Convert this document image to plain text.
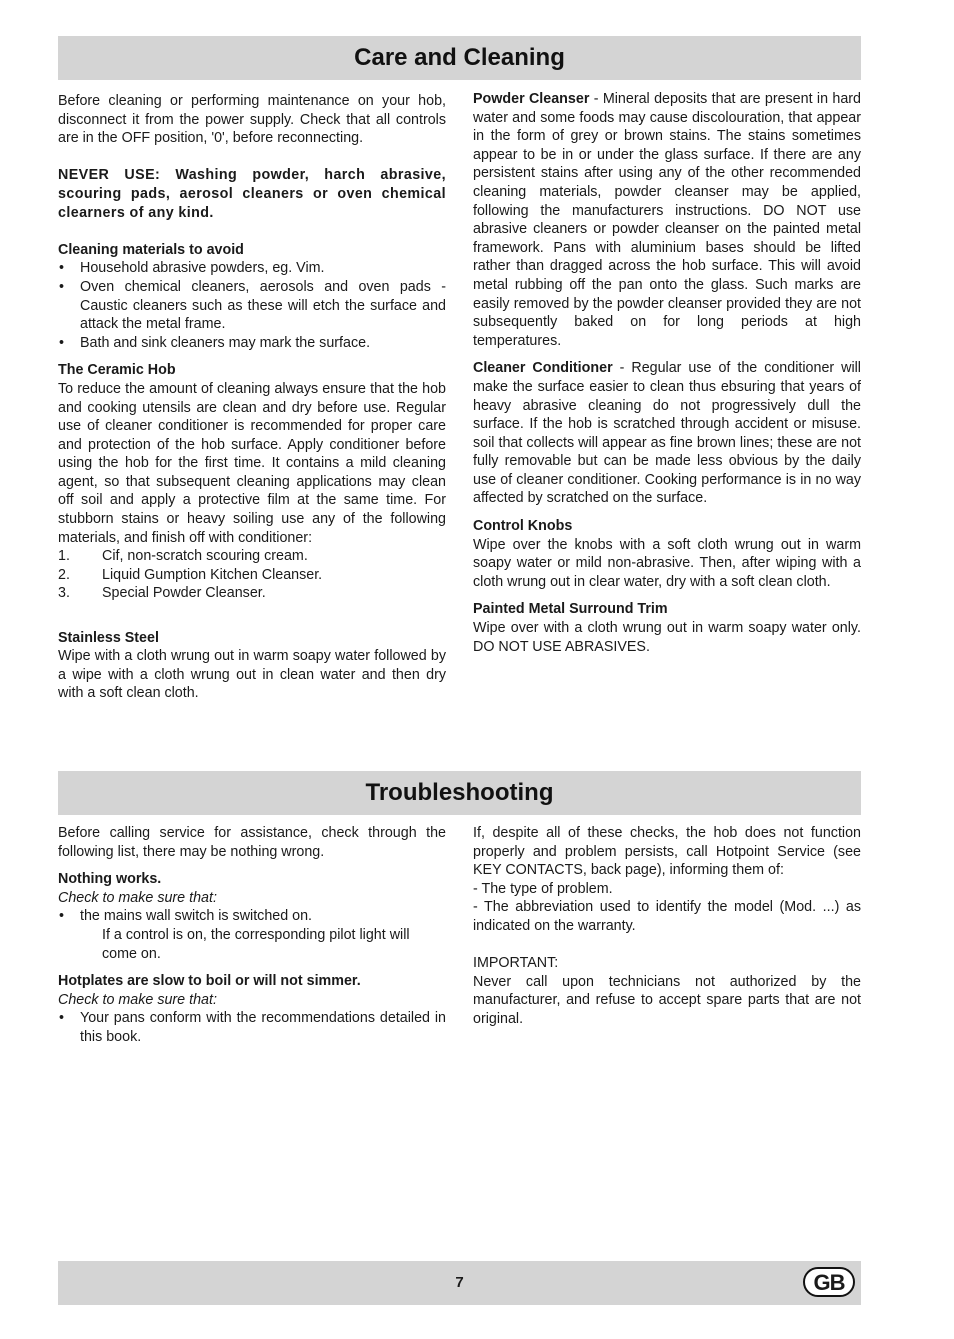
Care and Cleaning

Before cleaning or performing maintenance on your hob, disconnect it from the power supply. Check that all controls are in the OFF position, '0', before reconnecting.

NEVER USE: Washing powder, harch abrasive, scouring pads, aerosol cleaners or oven chemical clearners of any kind.

Cleaning materials to avoid

• Household abrasive powders, eg. Vim.
• Oven chemical cleaners, aerosols and oven pads - Caustic cleaners such as these will etch the surface and attack the metal frame.
• Bath and sink cleaners may mark the surface.

The Ceramic Hob

To reduce the amount of cleaning always ensure that the hob and cooking utensils are clean and dry before use. Regular use of cleaner conditioner is recommended for proper care and protection of the hob surface. Apply conditioner before using the hob for the first time. It contains a mild cleaning agent, so that subsequent cleaning applications may clean off soil and apply a protective film at the same time. For stubborn stains or heavy soiling use any of the following materials, and finish off with conditioner:

1. Cif, non-scratch scouring cream.
2. Liquid Gumption Kitchen Cleanser.
3. Special Powder Cleanser.

Stainless Steel

Wipe with a cloth wrung out in warm soapy water followed by a wipe with a cloth wrung out in clean water and then dry with a soft clean cloth.

Powder Cleanser - Mineral deposits that are present in hard water and some foods may cause discolouration, that appear in the form of grey or brown stains. The stains sometimes appear to be in or under the glass surface. If there are any persistent stains after using any of the other recommended cleaning materials, powder cleanser may be applied, following the manufacturers instructions. DO NOT use abrasive cleaners or powder cleanser on the painted metal framework. Pans with aluminium bases should be lifted rather than dragged across the hob surface. This will avoid metal rubbing off the pan onto the glass. Such marks are easily removed by the powder cleanser provided they are not subsequently baked on for long periods at high temperatures.

Cleaner Conditioner - Regular use of the conditioner will make the surface easier to clean thus ebsuring that years of heavy abrasive cleaning do not progressively dull the surface. If the hob is scratched through accident or misuse. soil that collects will appear as fine brown lines; these are not fully removable but can be made less obvious by the daily use of cleaner conditioner. Cooking performance is in no way affected by scratched on the surface.

Control Knobs

Wipe over the knobs with a soft cloth wrung out in warm soapy water or mild non-abrasive. Then, after wiping with a cloth wrung out in clear water, dry with a soft clean cloth.

Painted Metal Surround Trim

Wipe over with a cloth wrung out in warm soapy water only. DO NOT USE ABRASIVES.

Troubleshooting

Before calling service for assistance, check through the following list, there may be nothing wrong.

Nothing works.

Check to make sure that:

• the mains wall switch is switched on.

If a control is on, the corresponding pilot light will come on.

Hotplates are slow to boil or will not simmer.

Check to make sure that:

• Your pans conform with the recommendations detailed in this book.

If, despite all of these checks, the hob does not function properly and problem persists, call Hotpoint Service (see KEY CONTACTS, back page), informing them of:

- The type of problem.

- The abbreviation used to identify the model (Mod. ...) as indicated on the warranty.

IMPORTANT:

Never call upon technicians not authorized by the manufacturer, and refuse to accept spare parts that are not original.

7	GB
